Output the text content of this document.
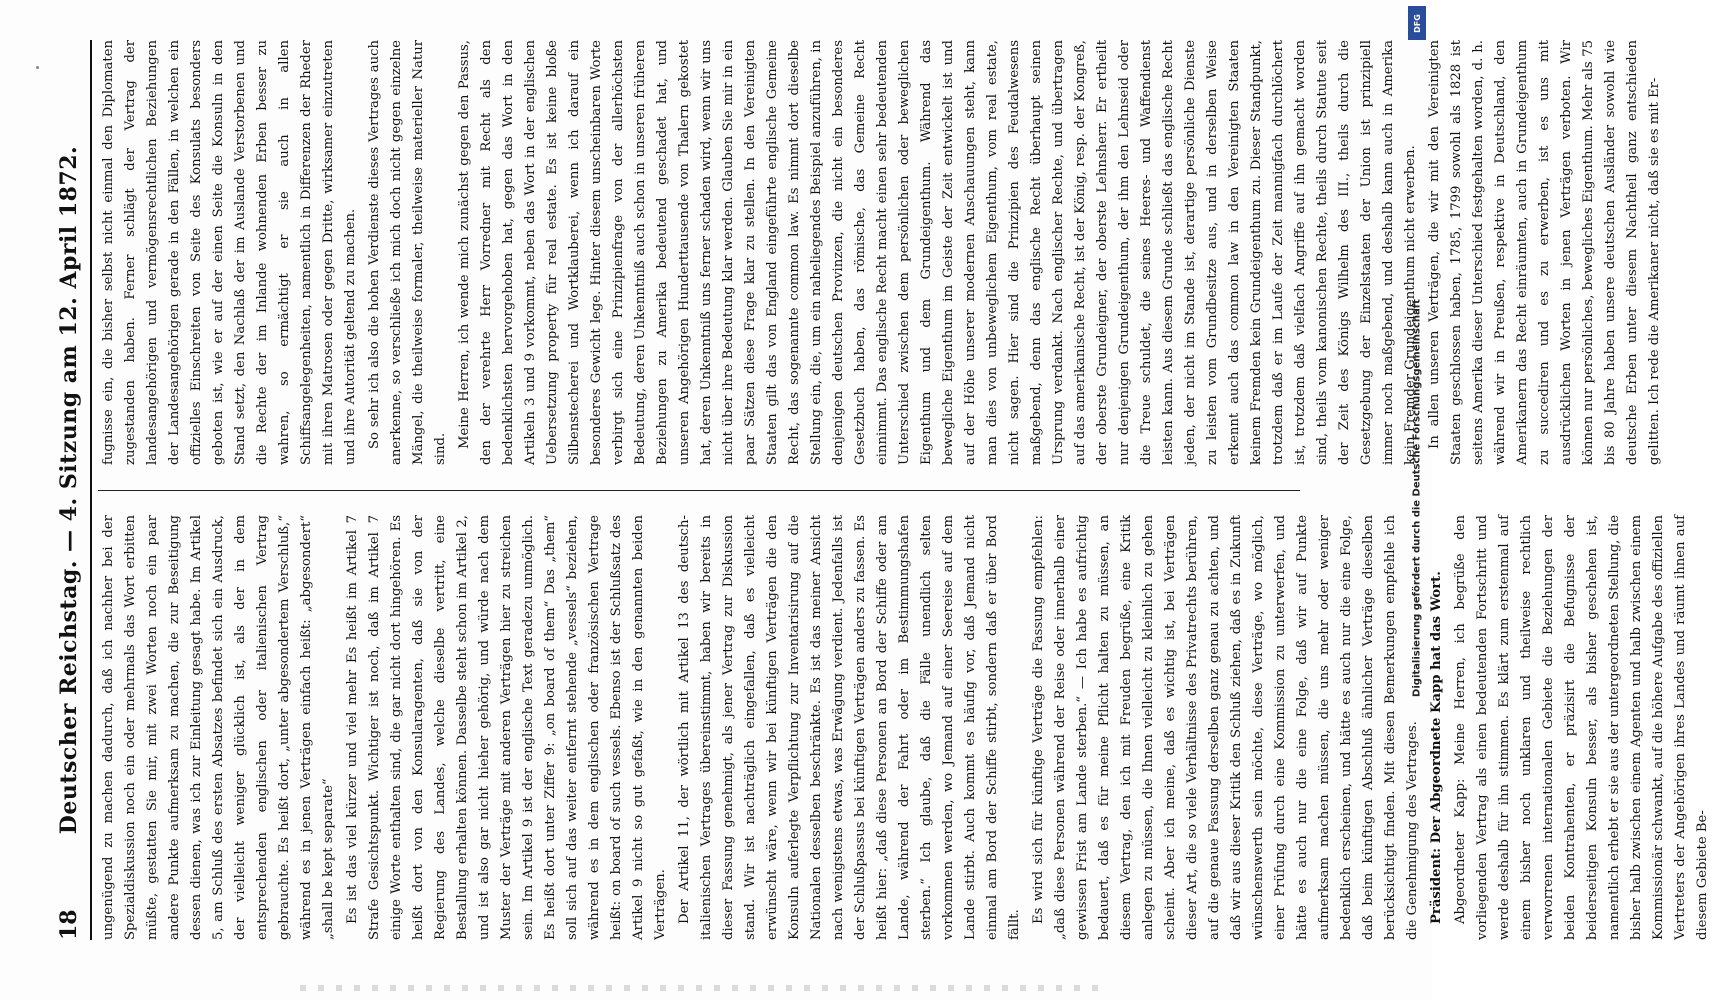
18
Deutscher Reichstag. — 4. Sitzung am 12. April 1872. ungenügend zu machen dadurch, daß ich nachher bei der Spezialdiskussion noch ein oder mehrmals das Wort erbitten müßte, gestatten Sie mir, mit zwei Worten noch ein paar andere Punkte aufmerksam zu machen, die zur Beseitigung dessen dienen, was ich zur Einleitung gesagt habe. Im Artikel 5, am Schluß des ersten Absatzes befindet sich ein Ausdruck, der vielleicht weniger glücklich ist, als der in dem entsprechenden englischen oder italienischen Vertrag gebrauchte. Es heißt dort, „unter abgesondertem Verschluß,“ während es in jenen Verträgen einfach heißt: „abgesondert“ „shall be kept separate“ Es ist das viel kürzer und viel mehr Es heißt im Artikel 7 Strafe Gesichtspunkt. Wichtiger ist noch, daß im Artikel 7 einige Worte enthalten sind, die gar nicht dort hingehören. Es heißt dort von den Konsularagenten, daß sie von der Regierung des Landes, welche dieselbe vertritt, eine Bestallung erhalten können. Dasselbe steht schon im Artikel 2, und ist also gar nicht hieher gehörig, und würde nach dem Muster der Verträge mit anderen Verträgen hier zu streichen sein. Im Artikel 9 ist der englische Text geradezu unmöglich. Es heißt dort unter Ziffer 9: „on board of them“ Das „them“ soll sich auf das weiter entfernt stehende „vessels“ beziehen, während es in dem englischen oder französischen Vertrage heißt: on board of such vessels. Ebenso ist der Schlußsatz des Artikel 9 nicht so gut gefaßt, wie in den genannten beiden Verträgen. Der Artikel 11, der wörtlich mit Artikel 13 des deutsch-italienischen Vertrages übereinstimmt, haben wir bereits in dieser Fassung genehmigt, als jener Vertrag zur Diskussion stand. Wir ist nachträglich eingefallen, daß es vielleicht erwünscht wäre, wenn wir bei künftigen Verträgen die den Konsuln auferlegte Verpflichtung zur Inventarisirung auf die Nationalen desselben beschränkte. Es ist das meiner Ansicht nach wenigstens etwas, was Erwägung verdient. Jedenfalls ist der Schlußpassus bei künftigen Verträgen anders zu fassen. Es heißt hier: „daß diese Personen an Bord der Schiffe oder am Lande, während der Fahrt oder im Bestimmungshafen sterben.“ Ich glaube, daß die Fälle unendlich selten vorkommen werden, wo Jemand auf einer Seereise auf dem Lande stirbt. Auch kommt es häufig vor, daß Jemand nicht einmal am Bord der Schiffe stirbt, sondern daß er über Bord fällt.

Es wird sich für künftige Verträge die Fassung empfehlen: „daß diese Personen während der Reise oder innerhalb einer gewissen Frist am Lande sterben.“ — Ich habe es aufrichtig bedauert, daß es für meine Pflicht halten zu müssen, an diesem Vertrag, den ich mit Freuden begrüße, eine Kritik anlegen zu müssen, die Ihnen vielleicht zu kleinlich zu gehen scheint. Aber ich meine, daß es wichtig ist, bei Verträgen dieser Art, die so viele Verhältnisse des Privatrechts berühren, auf die genaue Fassung derselben ganz genau zu achten, und daß wir aus dieser Kritik den Schluß ziehen, daß es in Zukunft wünschenswerth sein möchte, diese Verträge, wo möglich, einer Prüfung durch eine Kommission zu unterwerfen, und hätte es auch nur die eine Folge, daß wir auf Punkte aufmerksam machen müssen, die uns mehr oder weniger bedenklich erscheinen, und hätte es auch nur die eine Folge, daß beim künftigen Abschluß ähnlicher Verträge dieselben berücksichtigt finden. Mit diesen Bemerkungen empfehle ich die Genehmigung des Vertrages. Präsident: Der Abgeordnete Kapp hat das Wort. Abgeordneter Kapp: Meine Herren, ich begrüße den vorliegenden Vertrag als einen bedeutenden Fortschritt und werde deshalb für ihn stimmen. Es klärt zum erstenmal auf einem bisher noch unklaren und theilweise rechtlich verworrenen internationalen Gebiete die Beziehungen der beiden Kontrahenten, er präzisirt die Befugnisse der beiderseitigen Konsuln besser, als bisher geschehen ist, namentlich erhebt er sie aus der untergeordneten Stellung, die bisher halb zwischen einem Agenten und halb zwischen einem Kommissionär schwankt, auf die höhere Aufgabe des offiziellen Vertreters der Angehörigen ihres Landes und räumt ihnen auf diesem Gebiete Be-

fugnisse ein, die bisher selbst nicht einmal den Diplomaten zugestanden haben. Ferner schlägt der Vertrag der landesangehörigen und vermögensrechtlichen Beziehungen der Landesangehörigen gerade in den Fällen, in welchen ein offizielles Einschreiten von Seite des Konsulats besonders geboten ist, wie er auf der einen Seite die Konsuln in den Stand setzt, den Nachlaß der im Auslande Verstorbenen und die Rechte der im Inlande wohnenden Erben besser zu wahren, so ermächtigt er sie auch in allen Schiffsangelegenheiten, namentlich in Differenzen der Rheder mit ihren Matrosen oder gegen Dritte, wirksamer einzutreten und ihre Autorität geltend zu machen. So sehr ich also die hohen Verdienste dieses Vertrages auch anerkenne, so verschließe ich mich doch nicht gegen einzelne Mängel, die theilweise formaler, theilweise materieller Natur sind. Meine Herren, ich wende mich zunächst gegen den Passus, den der verehrte Herr Vorredner mit Recht als den bedenklichsten hervorgehoben hat, gegen das Wort in den Artikeln 3 und 9 vorkommt, neben das Wort in der englischen Uebersetzung property für real estate. Es ist keine bloße Silbenstecherei und Wortklauberei, wenn ich darauf ein besonderes Gewicht lege. Hinter diesem unscheinbaren Worte verbirgt sich eine Prinzipienfrage von der allerhöchsten Bedeutung, deren Unkenntniß auch schon in unseren früheren Beziehungen zu Amerika bedeutend geschadet hat, und unseren Angehörigen Hunderttausende von Thalern gekostet hat, deren Unkenntniß uns ferner schaden wird, wenn wir uns nicht über ihre Bedeutung klar werden. Glauben Sie mir in ein paar Sätzen diese Frage klar zu stellen. In den Vereinigten Staaten gilt das von England eingeführte englische Gemeine Recht, das sogenannte common law. Es nimmt dort dieselbe Stellung ein, die, um ein naheliegendes Beispiel anzuführen, in denjenigen deutschen Provinzen, die nicht ein besonderes Gesetzbuch haben, das römische, das Gemeine Recht einnimmt. Das englische Recht macht einen sehr bedeutenden Unterschied zwischen dem persönlichen oder beweglichen Eigenthum und dem Grundeigenthum. Während das bewegliche Eigenthum im Geiste der Zeit entwickelt ist und auf der Höhe unserer modernen Anschauungen steht, kann man dies von unbeweglichem Eigenthum, vom real estate, nicht sagen. Hier sind die Prinzipien des Feudalwesens maßgebend, denn das englische Recht überhaupt seinen Ursprung verdankt. Nach englischer Rechte, und übertragen auf das amerikanische Recht, ist der König, resp. der Kongreß, der oberste Grundeigner, der oberste Lehnsherr. Er ertheilt nur denjenigen Grundeigenthum, der ihm den Lehnseid oder die Treue schuldet, die seines Heeres- und Waffendienst leisten kann. Aus diesem Grunde schließt das englische Recht jeden, der nicht im Stande ist, derartige persönliche Dienste zu leisten vom Grundbesitze aus, und in derselben Weise erkennt auch das common law in den Vereinigten Staaten keinem Fremden kein Grundeigenthum zu. Dieser Standpunkt, trotzdem daß er im Laufe der Zeit mannigfach durchlöchert ist, trotzdem daß vielfach Angriffe auf ihn gemacht worden sind, theils vom kanonischen Rechte, theils durch Statute seit der Zeit des Königs Wilhelm des III., theils durch die Gesetzgebung der Einzelstaaten der Union ist prinzipiell immer noch maßgebend, und deshalb kann auch in Amerika kein Fremder Grundeigenthum nicht erwerben. In allen unseren Verträgen, die wir mit den Vereinigten Staaten geschlossen haben, 1785, 1799 sowohl als 1828 ist seitens Amerika dieser Unterschied festgehalten worden, d. h. während wir in Preußen, respektive in Deutschland, den Amerikanern das Recht einräumten, auch in Grundeigenthum zu succediren und es zu erwerben, ist es uns mit ausdrücklichen Worten in jenen Verträgen verboten. Wir können nur persönliches, bewegliches Eigenthum. Mehr als 75 bis 80 Jahre haben unsere deutschen Ausländer sowohl wie deutsche Erben unter diesem Nachtheil ganz entschieden gelitten. Ich rede die Amerikaner nicht, daß sie es mit Er-

Digitalisierung gefördert durch die Deutsche Forschungsgemeinschaft
DFG
